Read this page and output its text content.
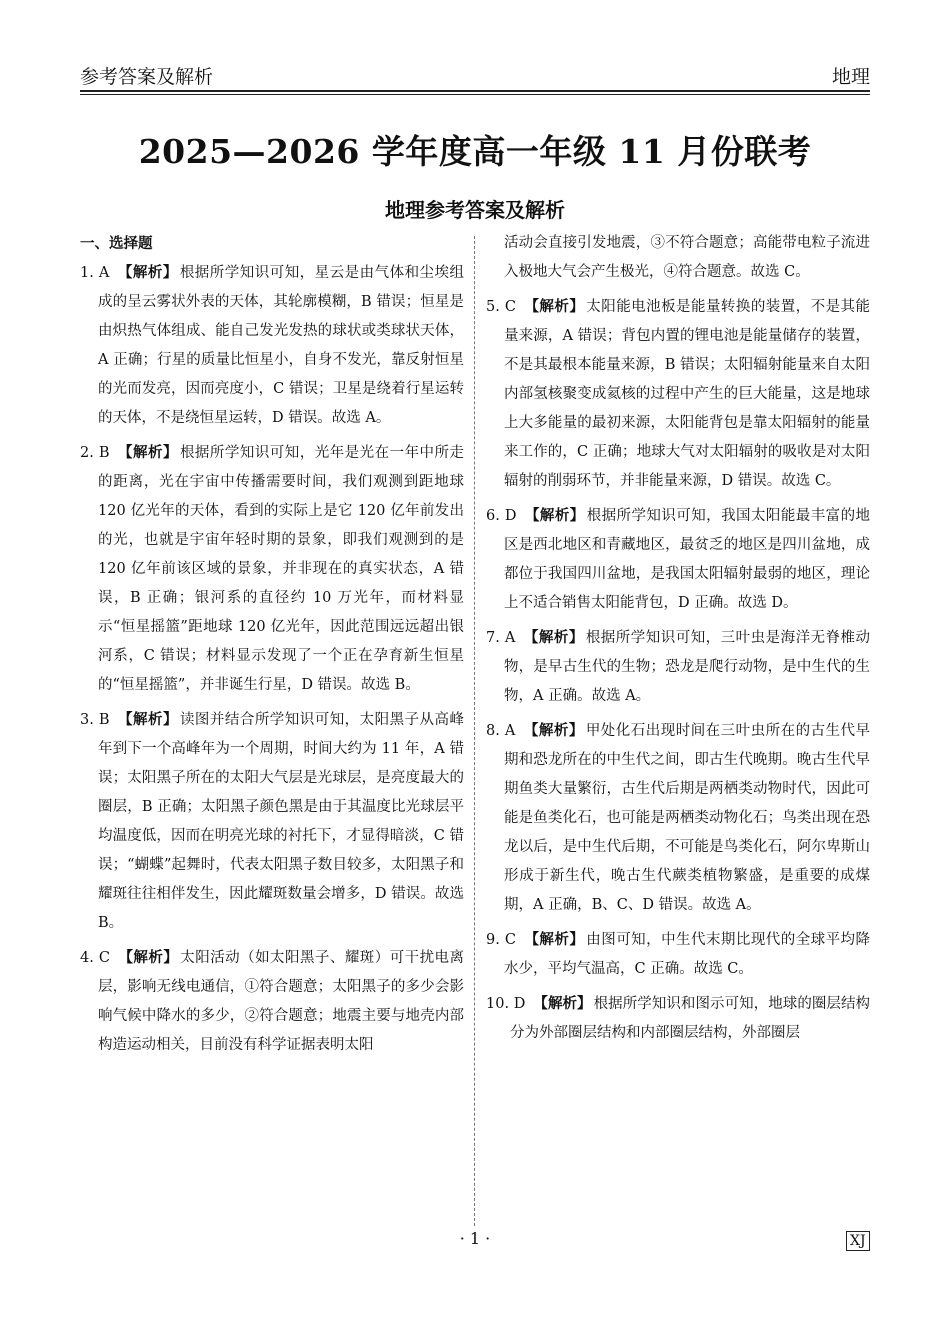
参考答案及解析	地理
2025—2026 学年度高一年级 11 月份联考
地理参考答案及解析
一、选择题
1. A 【解析】 根据所学知识可知，星云是由气体和尘埃组成的呈云雾状外表的天体，其轮廓模糊，B 错误；恒星是由炽热气体组成、能自己发光发热的球状或类球状天体，A 正确；行星的质量比恒星小，自身不发光，靠反射恒星的光而发亮，因而亮度小，C 错误；卫星是绕着行星运转的天体，不是绕恒星运转，D 错误。故选 A。
2. B 【解析】 根据所学知识可知，光年是光在一年中所走的距离，光在宇宙中传播需要时间，我们观测到距地球 120 亿光年的天体，看到的实际上是它 120 亿年前发出的光，也就是宇宙年轻时期的景象，即我们观测到的是 120 亿年前该区域的景象，并非现在的真实状态，A 错误，B 正确；银河系的直径约 10 万光年，而材料显示“恒星摇篮”距地球 120 亿光年，因此范围远远超出银河系，C 错误；材料显示发现了一个正在孕育新生恒星的“恒星摇篮”，并非诞生行星，D 错误。故选 B。
3. B 【解析】 读图并结合所学知识可知，太阳黑子从高峰年到下一个高峰年为一个周期，时间大约为 11 年，A 错误；太阳黑子所在的太阳大气层是光球层，是亮度最大的圈层，B 正确；太阳黑子颜色黑是由于其温度比光球层平均温度低，因而在明亮光球的衬托下，才显得暗淡，C 错误；“蝴蝶”起舞时，代表太阳黑子数目较多，太阳黑子和耀斑往往相伴发生，因此耀斑数量会增多，D 错误。故选 B。
4. C 【解析】 太阳活动（如太阳黑子、耀斑）可干扰电离层，影响无线电通信，①符合题意；太阳黑子的多少会影响气候中降水的多少，②符合题意；地震主要与地壳内部构造运动相关，目前没有科学证据表明太阳
活动会直接引发地震，③不符合题意；高能带电粒子流进入极地大气会产生极光，④符合题意。故选 C。
5. C 【解析】 太阳能电池板是能量转换的装置，不是其能量来源，A 错误；背包内置的锂电池是能量储存的装置，不是其最根本能量来源，B 错误；太阳辐射能量来自太阳内部氢核聚变成氦核的过程中产生的巨大能量，这是地球上大多能量的最初来源，太阳能背包是靠太阳辐射的能量来工作的，C 正确；地球大气对太阳辐射的吸收是对太阳辐射的削弱环节，并非能量来源，D 错误。故选 C。
6. D 【解析】 根据所学知识可知，我国太阳能最丰富的地区是西北地区和青藏地区，最贫乏的地区是四川盆地，成都位于我国四川盆地，是我国太阳辐射最弱的地区，理论上不适合销售太阳能背包，D 正确。故选 D。
7. A 【解析】 根据所学知识可知，三叶虫是海洋无脊椎动物，是早古生代的生物；恐龙是爬行动物，是中生代的生物，A 正确。故选 A。
8. A 【解析】 甲处化石出现时间在三叶虫所在的古生代早期和恐龙所在的中生代之间，即古生代晚期。晚古生代早期鱼类大量繁衍，古生代后期是两栖类动物时代，因此可能是鱼类化石，也可能是两栖类动物化石；鸟类出现在恐龙以后，是中生代后期，不可能是鸟类化石，阿尔卑斯山形成于新生代，晚古生代蕨类植物繁盛，是重要的成煤期，A 正确，B、C、D 错误。故选 A。
9. C 【解析】 由图可知，中生代末期比现代的全球平均降水少，平均气温高，C 正确。故选 C。
10. D 【解析】 根据所学知识和图示可知，地球的圈层结构分为外部圈层结构和内部圈层结构，外部圈层
· 1 ·	XJ
